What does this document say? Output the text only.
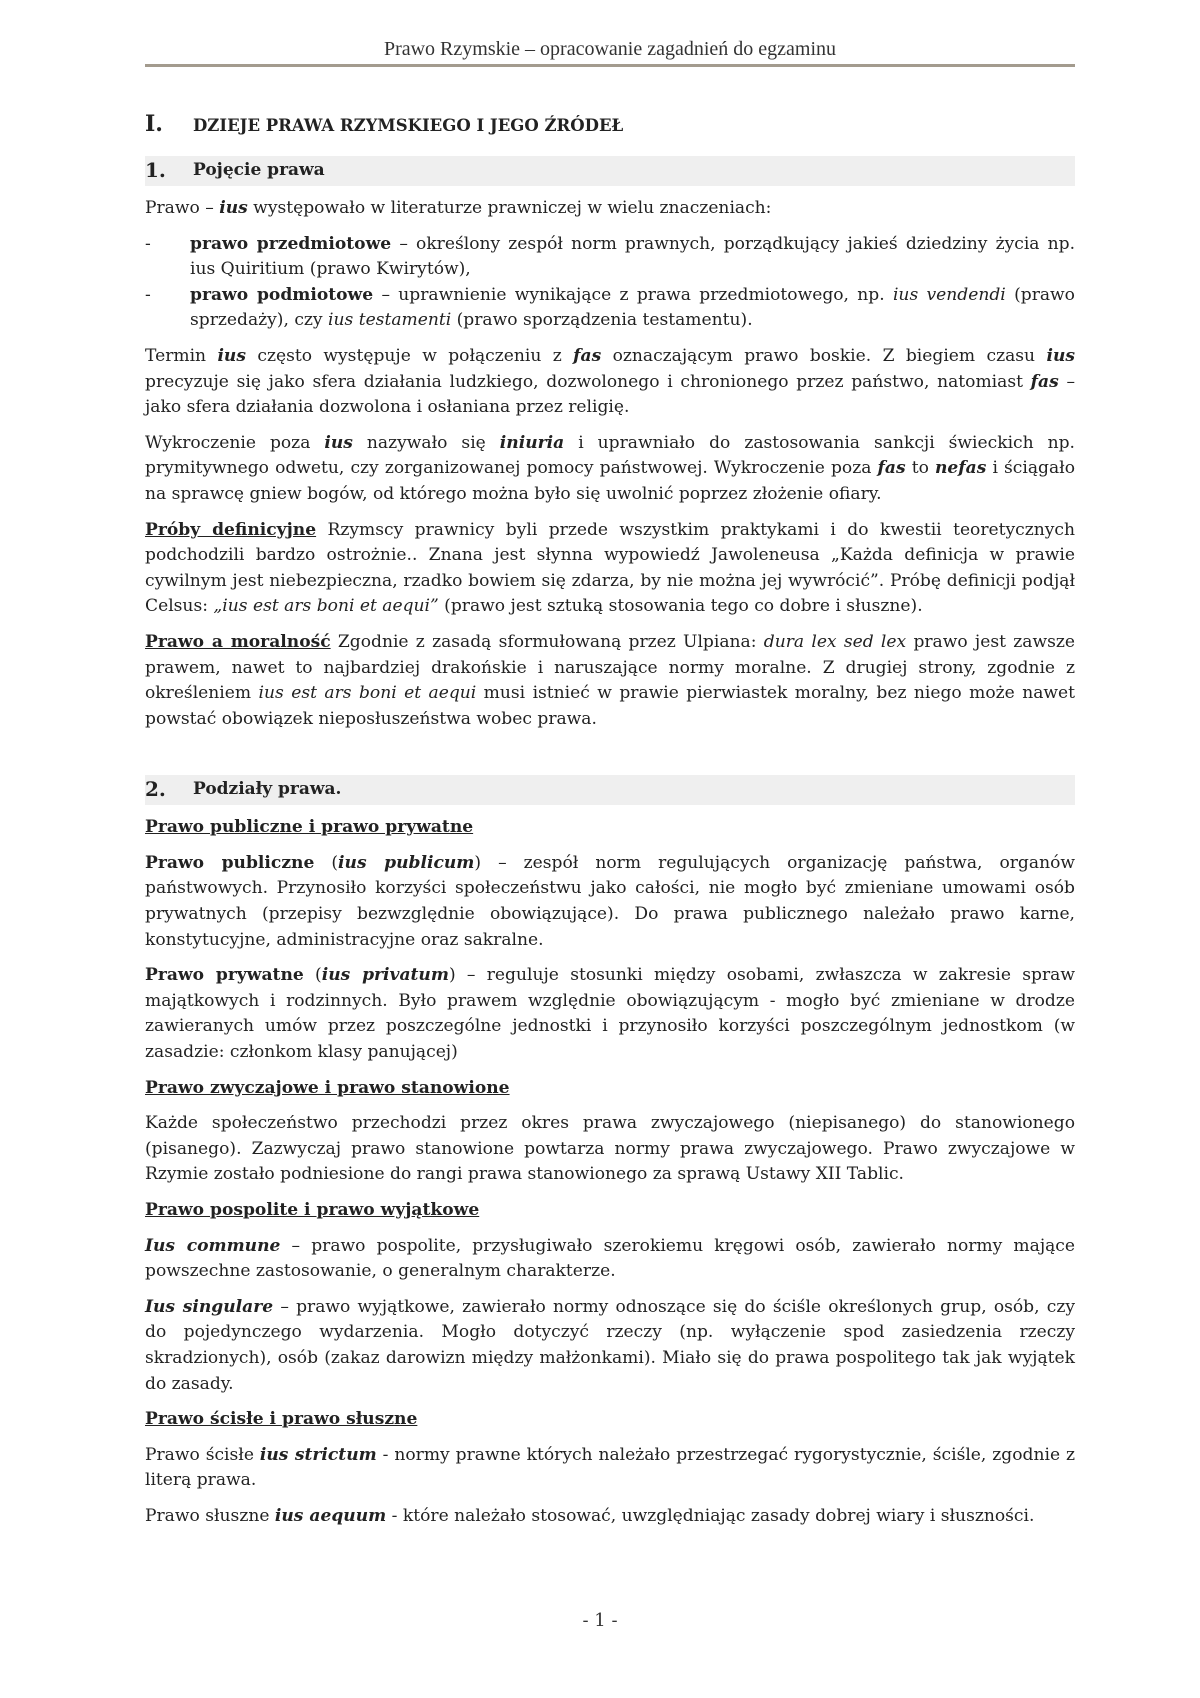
Prawo Rzymskie – opracowanie zagadnień do egzaminu
I.	DZIEJE PRAWA RZYMSKIEGO I JEGO ŹRÓDEŁ
1.	Pojęcie prawa

Prawo – ius występowało w literaturze prawniczej w wielu znaczeniach:

- prawo przedmiotowe – określony zespół norm prawnych, porządkujący jakieś dziedziny życia np. ius Quiritium (prawo Kwirytów),
- prawo podmiotowe – uprawnienie wynikające z prawa przedmiotowego, np. ius vendendi (prawo sprzedaży), czy ius testamenti (prawo sporządzenia testamentu).

Termin ius często występuje w połączeniu z fas oznaczającym prawo boskie. Z biegiem czasu ius precyzuje się jako sfera działania ludzkiego, dozwolonego i chronionego przez państwo, natomiast fas – jako sfera działania dozwolona i osłaniana przez religię.

Wykroczenie poza ius nazywało się iniuria i uprawniało do zastosowania sankcji świeckich np. prymitywnego odwetu, czy zorganizowanej pomocy państwowej. Wykroczenie poza fas to nefas i ściągało na sprawcę gniew bogów, od którego można było się uwolnić poprzez złożenie ofiary.

Próby definicyjne Rzymscy prawnicy byli przede wszystkim praktykami i do kwestii teoretycznych podchodzili bardzo ostrożnie.. Znana jest słynna wypowiedź Jawoleneusa „Każda definicja w prawie cywilnym jest niebezpieczna, rzadko bowiem się zdarza, by nie można jej wywrócić”. Próbę definicji podjął Celsus: „ius est ars boni et aequi” (prawo jest sztuką stosowania tego co dobre i słuszne).

Prawo a moralność Zgodnie z zasadą sformułowaną przez Ulpiana: dura lex sed lex prawo jest zawsze prawem, nawet to najbardziej drakońskie i naruszające normy moralne. Z drugiej strony, zgodnie z określeniem ius est ars boni et aequi musi istnieć w prawie pierwiastek moralny, bez niego może nawet powstać obowiązek nieposłuszeństwa wobec prawa.

2.	Podziały prawa.

Prawo publiczne i prawo prywatne

Prawo publiczne (ius publicum) – zespół norm regulujących organizację państwa, organów państwowych. Przynosiło korzyści społeczeństwu jako całości, nie mogło być zmieniane umowami osób prywatnych (przepisy bezwzględnie obowiązujące). Do prawa publicznego należało prawo karne, konstytucyjne, administracyjne oraz sakralne.

Prawo prywatne (ius privatum) – reguluje stosunki między osobami, zwłaszcza w zakresie spraw majątkowych i rodzinnych. Było prawem względnie obowiązującym - mogło być zmieniane w drodze zawieranych umów przez poszczególne jednostki i przynosiło korzyści poszczególnym jednostkom (w zasadzie: członkom klasy panującej)

Prawo zwyczajowe i prawo stanowione

Każde społeczeństwo przechodzi przez okres prawa zwyczajowego (niepisanego) do stanowionego (pisanego). Zazwyczaj prawo stanowione powtarza normy prawa zwyczajowego. Prawo zwyczajowe w Rzymie zostało podniesione do rangi prawa stanowionego za sprawą Ustawy XII Tablic.

Prawo pospolite i prawo wyjątkowe

Ius commune – prawo pospolite, przysługiwało szerokiemu kręgowi osób, zawierało normy mające powszechne zastosowanie, o generalnym charakterze.

Ius singulare – prawo wyjątkowe, zawierało normy odnoszące się do ściśle określonych grup, osób, czy do pojedynczego wydarzenia. Mogło dotyczyć rzeczy (np. wyłączenie spod zasiedzenia rzeczy skradzionych), osób (zakaz darowizn między małżonkami). Miało się do prawa pospolitego tak jak wyjątek do zasady.

Prawo ścisłe i prawo słuszne

Prawo ścisłe ius strictum - normy prawne których należało przestrzegać rygorystycznie, ściśle, zgodnie z literą prawa.

Prawo słuszne ius aequum - które należało stosować, uwzględniając zasady dobrej wiary i słuszności.

- 1 -
